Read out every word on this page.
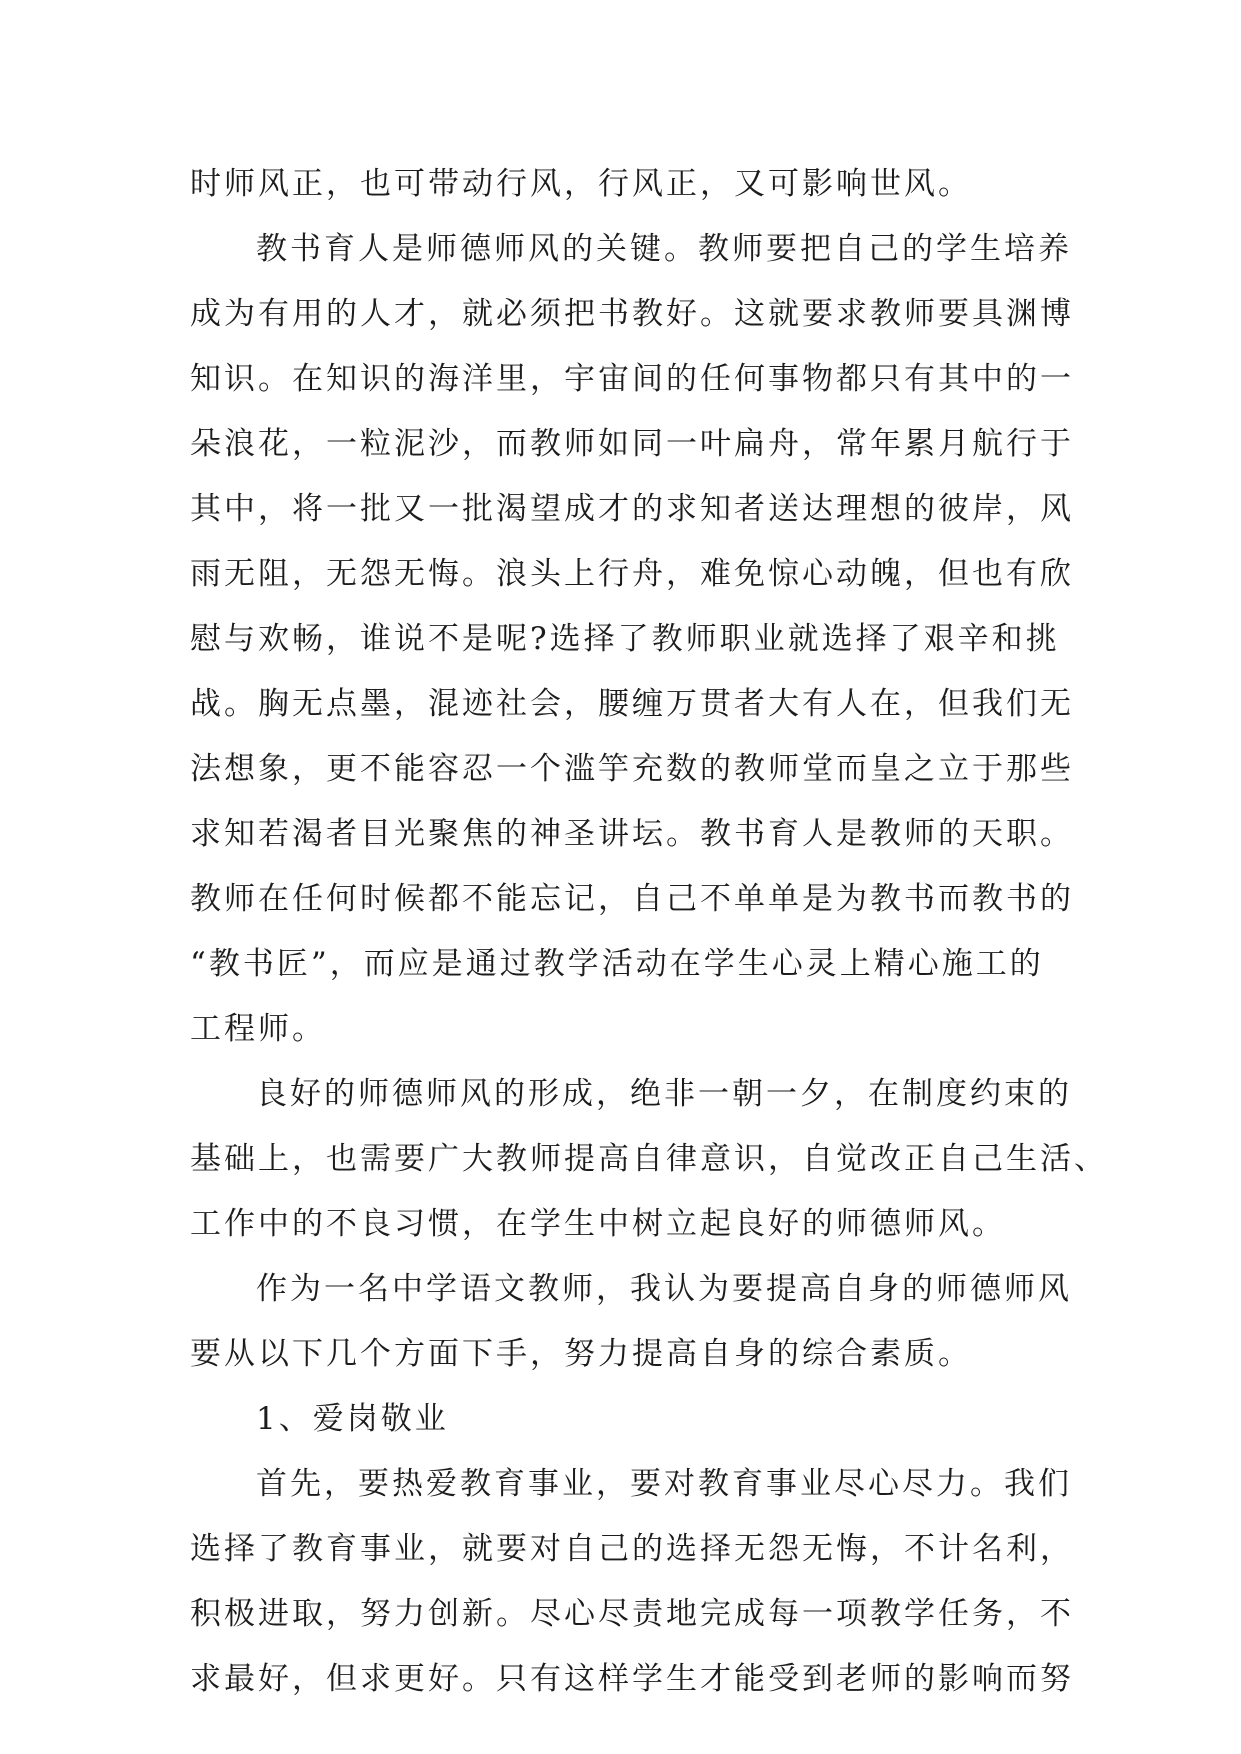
时师风正，也可带动行风，行风正，又可影响世风。
教书育人是师德师风的关键。教师要把自己的学生培养
成为有用的人才，就必须把书教好。这就要求教师要具渊博
知识。在知识的海洋里，宇宙间的任何事物都只有其中的一
朵浪花，一粒泥沙，而教师如同一叶扁舟，常年累月航行于
其中，将一批又一批渴望成才的求知者送达理想的彼岸，风
雨无阻，无怨无悔。浪头上行舟，难免惊心动魄，但也有欣
慰与欢畅，谁说不是呢?选择了教师职业就选择了艰辛和挑
战。胸无点墨，混迹社会，腰缠万贯者大有人在，但我们无
法想象，更不能容忍一个滥竽充数的教师堂而皇之立于那些
求知若渴者目光聚焦的神圣讲坛。教书育人是教师的天职。
教师在任何时候都不能忘记，自己不单单是为教书而教书的
“教书匠”，而应是通过教学活动在学生心灵上精心施工的
工程师。
良好的师德师风的形成，绝非一朝一夕，在制度约束的
基础上，也需要广大教师提高自律意识，自觉改正自己生活、
工作中的不良习惯，在学生中树立起良好的师德师风。
作为一名中学语文教师，我认为要提高自身的师德师风
要从以下几个方面下手，努力提高自身的综合素质。
1、爱岗敬业
首先，要热爱教育事业，要对教育事业尽心尽力。我们
选择了教育事业，就要对自己的选择无怨无悔，不计名利，
积极进取，努力创新。尽心尽责地完成每一项教学任务，不
求最好，但求更好。只有这样学生才能受到老师的影响而努
